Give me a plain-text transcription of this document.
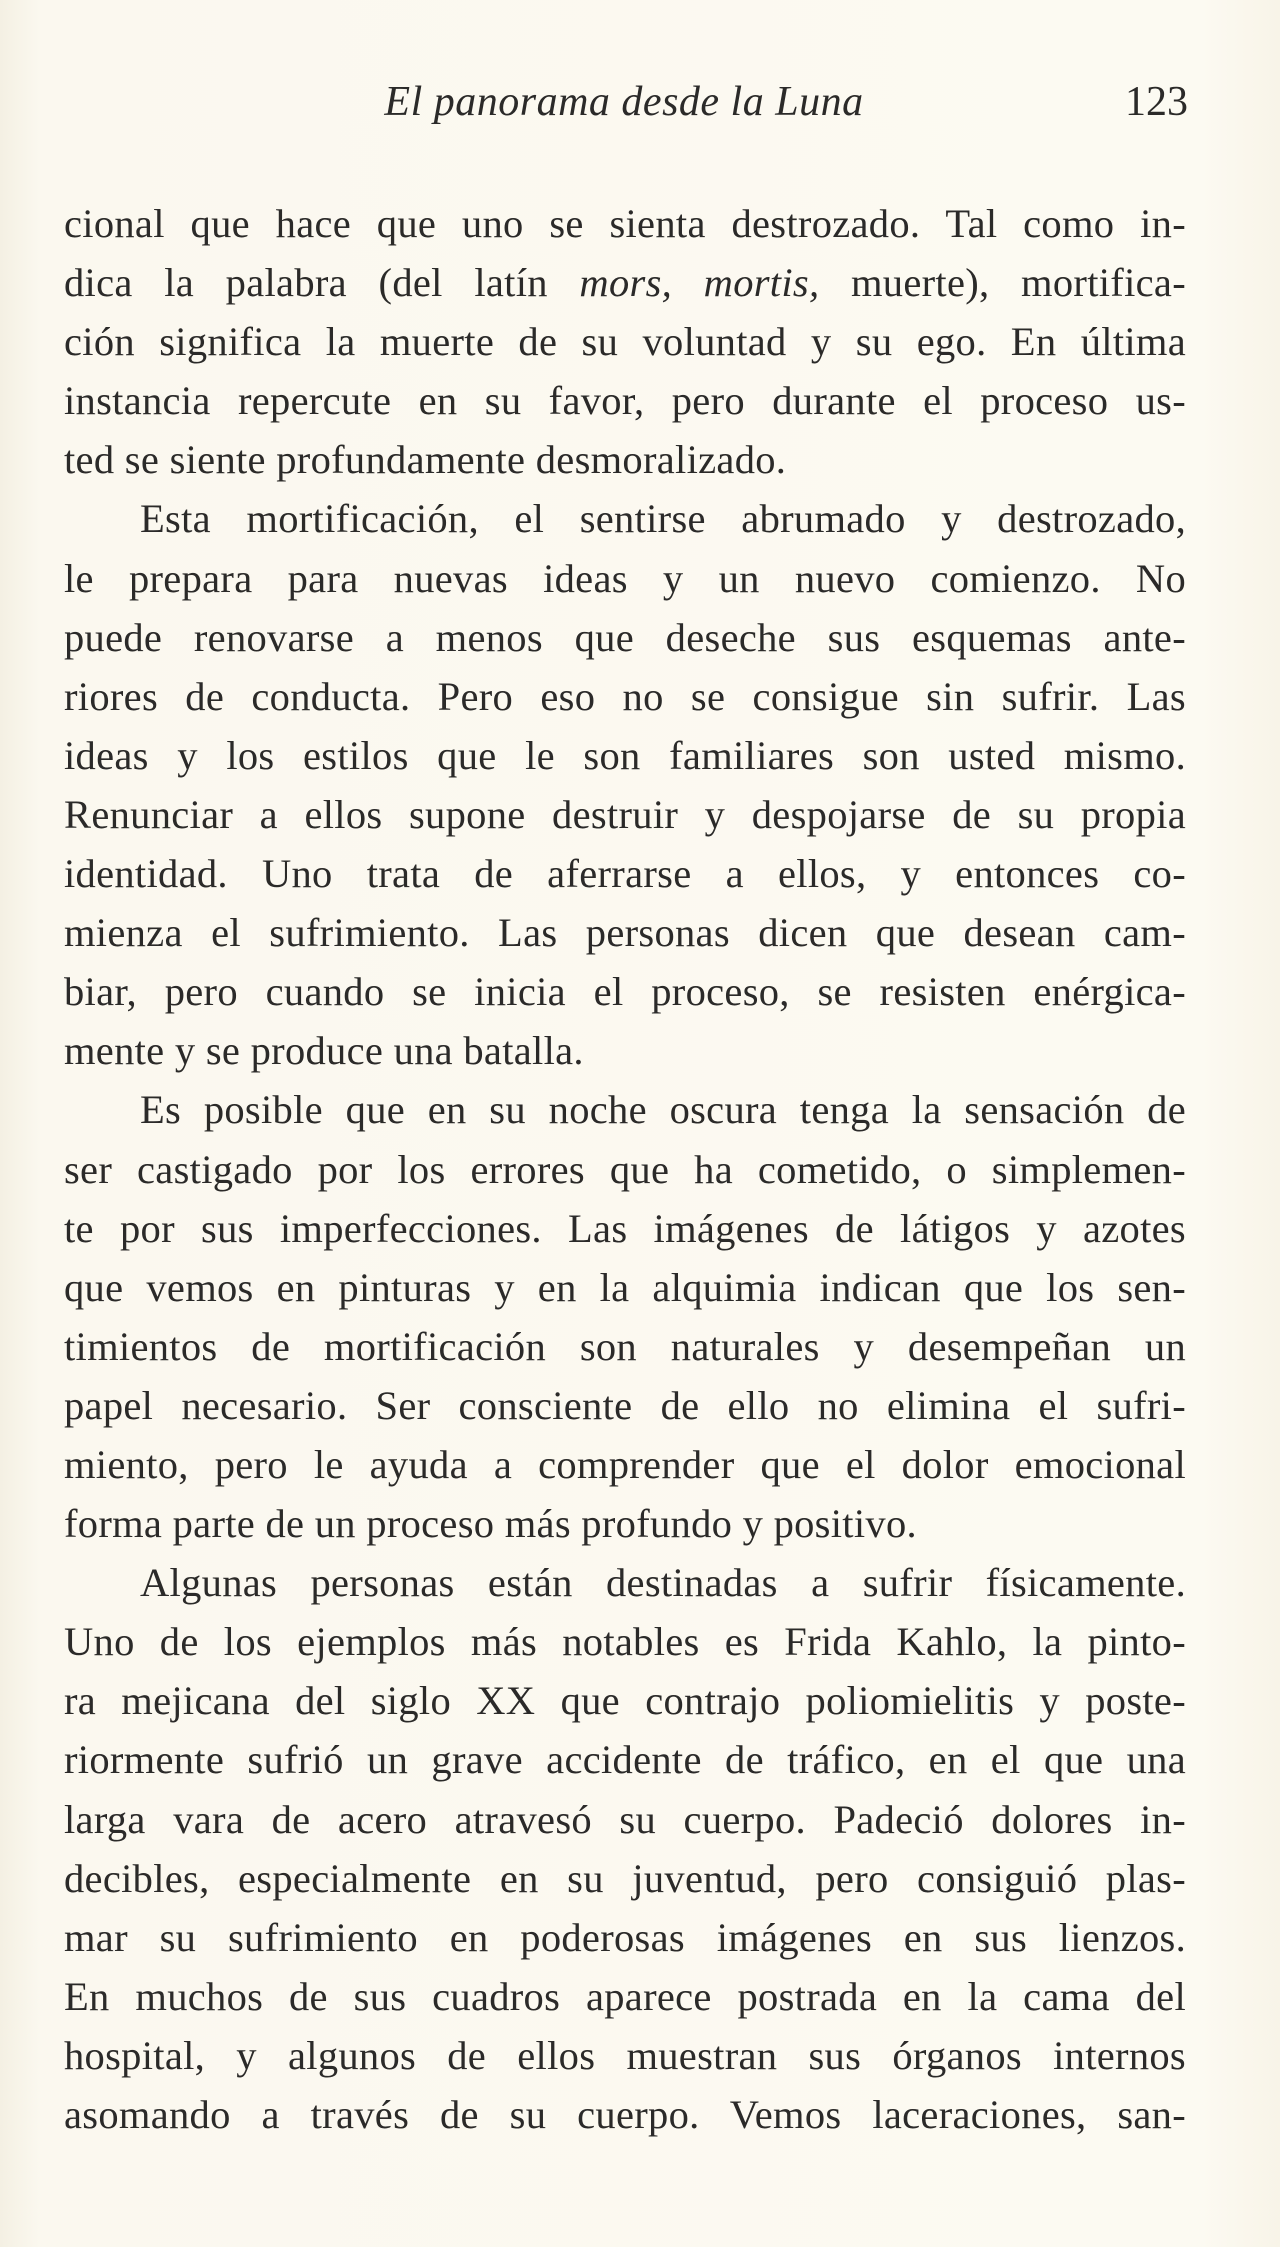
El panorama desde la Luna	123
cional que hace que uno se sienta destrozado. Tal como in-
dica la palabra (del latín mors, mortis, muerte), mortifica-
ción significa la muerte de su voluntad y su ego. En última
instancia repercute en su favor, pero durante el proceso us-
ted se siente profundamente desmoralizado.
Esta mortificación, el sentirse abrumado y destrozado,
le prepara para nuevas ideas y un nuevo comienzo. No
puede renovarse a menos que deseche sus esquemas ante-
riores de conducta. Pero eso no se consigue sin sufrir. Las
ideas y los estilos que le son familiares son usted mismo.
Renunciar a ellos supone destruir y despojarse de su propia
identidad. Uno trata de aferrarse a ellos, y entonces co-
mienza el sufrimiento. Las personas dicen que desean cam-
biar, pero cuando se inicia el proceso, se resisten enérgica-
mente y se produce una batalla.
Es posible que en su noche oscura tenga la sensación de
ser castigado por los errores que ha cometido, o simplemen-
te por sus imperfecciones. Las imágenes de látigos y azotes
que vemos en pinturas y en la alquimia indican que los sen-
timientos de mortificación son naturales y desempeñan un
papel necesario. Ser consciente de ello no elimina el sufri-
miento, pero le ayuda a comprender que el dolor emocional
forma parte de un proceso más profundo y positivo.
Algunas personas están destinadas a sufrir físicamente.
Uno de los ejemplos más notables es Frida Kahlo, la pinto-
ra mejicana del siglo XX que contrajo poliomielitis y poste-
riormente sufrió un grave accidente de tráfico, en el que una
larga vara de acero atravesó su cuerpo. Padeció dolores in-
decibles, especialmente en su juventud, pero consiguió plas-
mar su sufrimiento en poderosas imágenes en sus lienzos.
En muchos de sus cuadros aparece postrada en la cama del
hospital, y algunos de ellos muestran sus órganos internos
asomando a través de su cuerpo. Vemos laceraciones, san-
